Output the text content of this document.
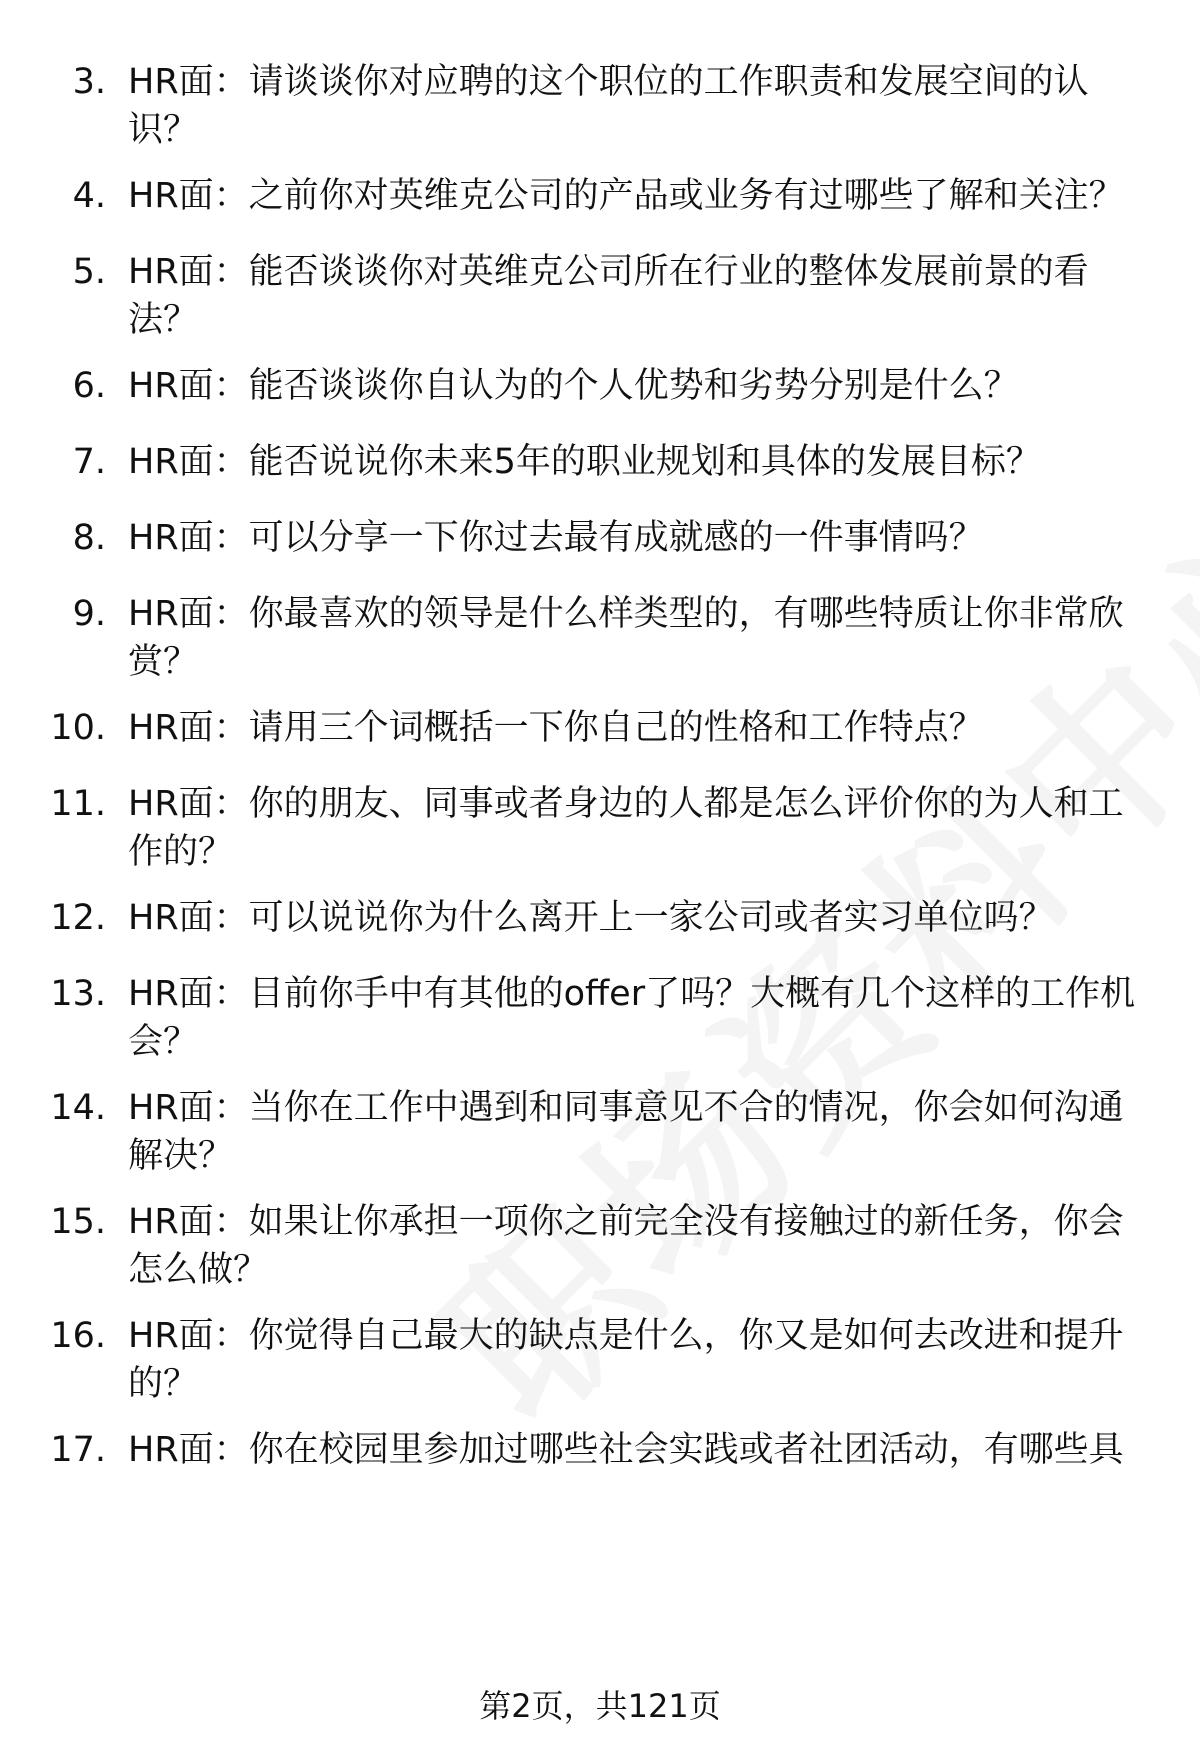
3. HR面：请谈谈你对应聘的这个职位的工作职责和发展空间的认识？
4. HR面：之前你对英维克公司的产品或业务有过哪些了解和关注？
5. HR面：能否谈谈你对英维克公司所在行业的整体发展前景的看法？
6. HR面：能否谈谈你自认为的个人优势和劣势分别是什么？
7. HR面：能否说说你未来5年的职业规划和具体的发展目标？
8. HR面：可以分享一下你过去最有成就感的一件事情吗？
9. HR面：你最喜欢的领导是什么样类型的，有哪些特质让你非常欣赏？
10. HR面：请用三个词概括一下你自己的性格和工作特点？
11. HR面：你的朋友、同事或者身边的人都是怎么评价你的为人和工作的？
12. HR面：可以说说你为什么离开上一家公司或者实习单位吗？
13. HR面：目前你手中有其他的offer了吗？大概有几个这样的工作机会？
14. HR面：当你在工作中遇到和同事意见不合的情况，你会如何沟通解决？
15. HR面：如果让你承担一项你之前完全没有接触过的新任务，你会怎么做？
16. HR面：你觉得自己最大的缺点是什么，你又是如何去改进和提升的？
17. HR面：你在校园里参加过哪些社会实践或者社团活动，有哪些具
第2页，共121页
